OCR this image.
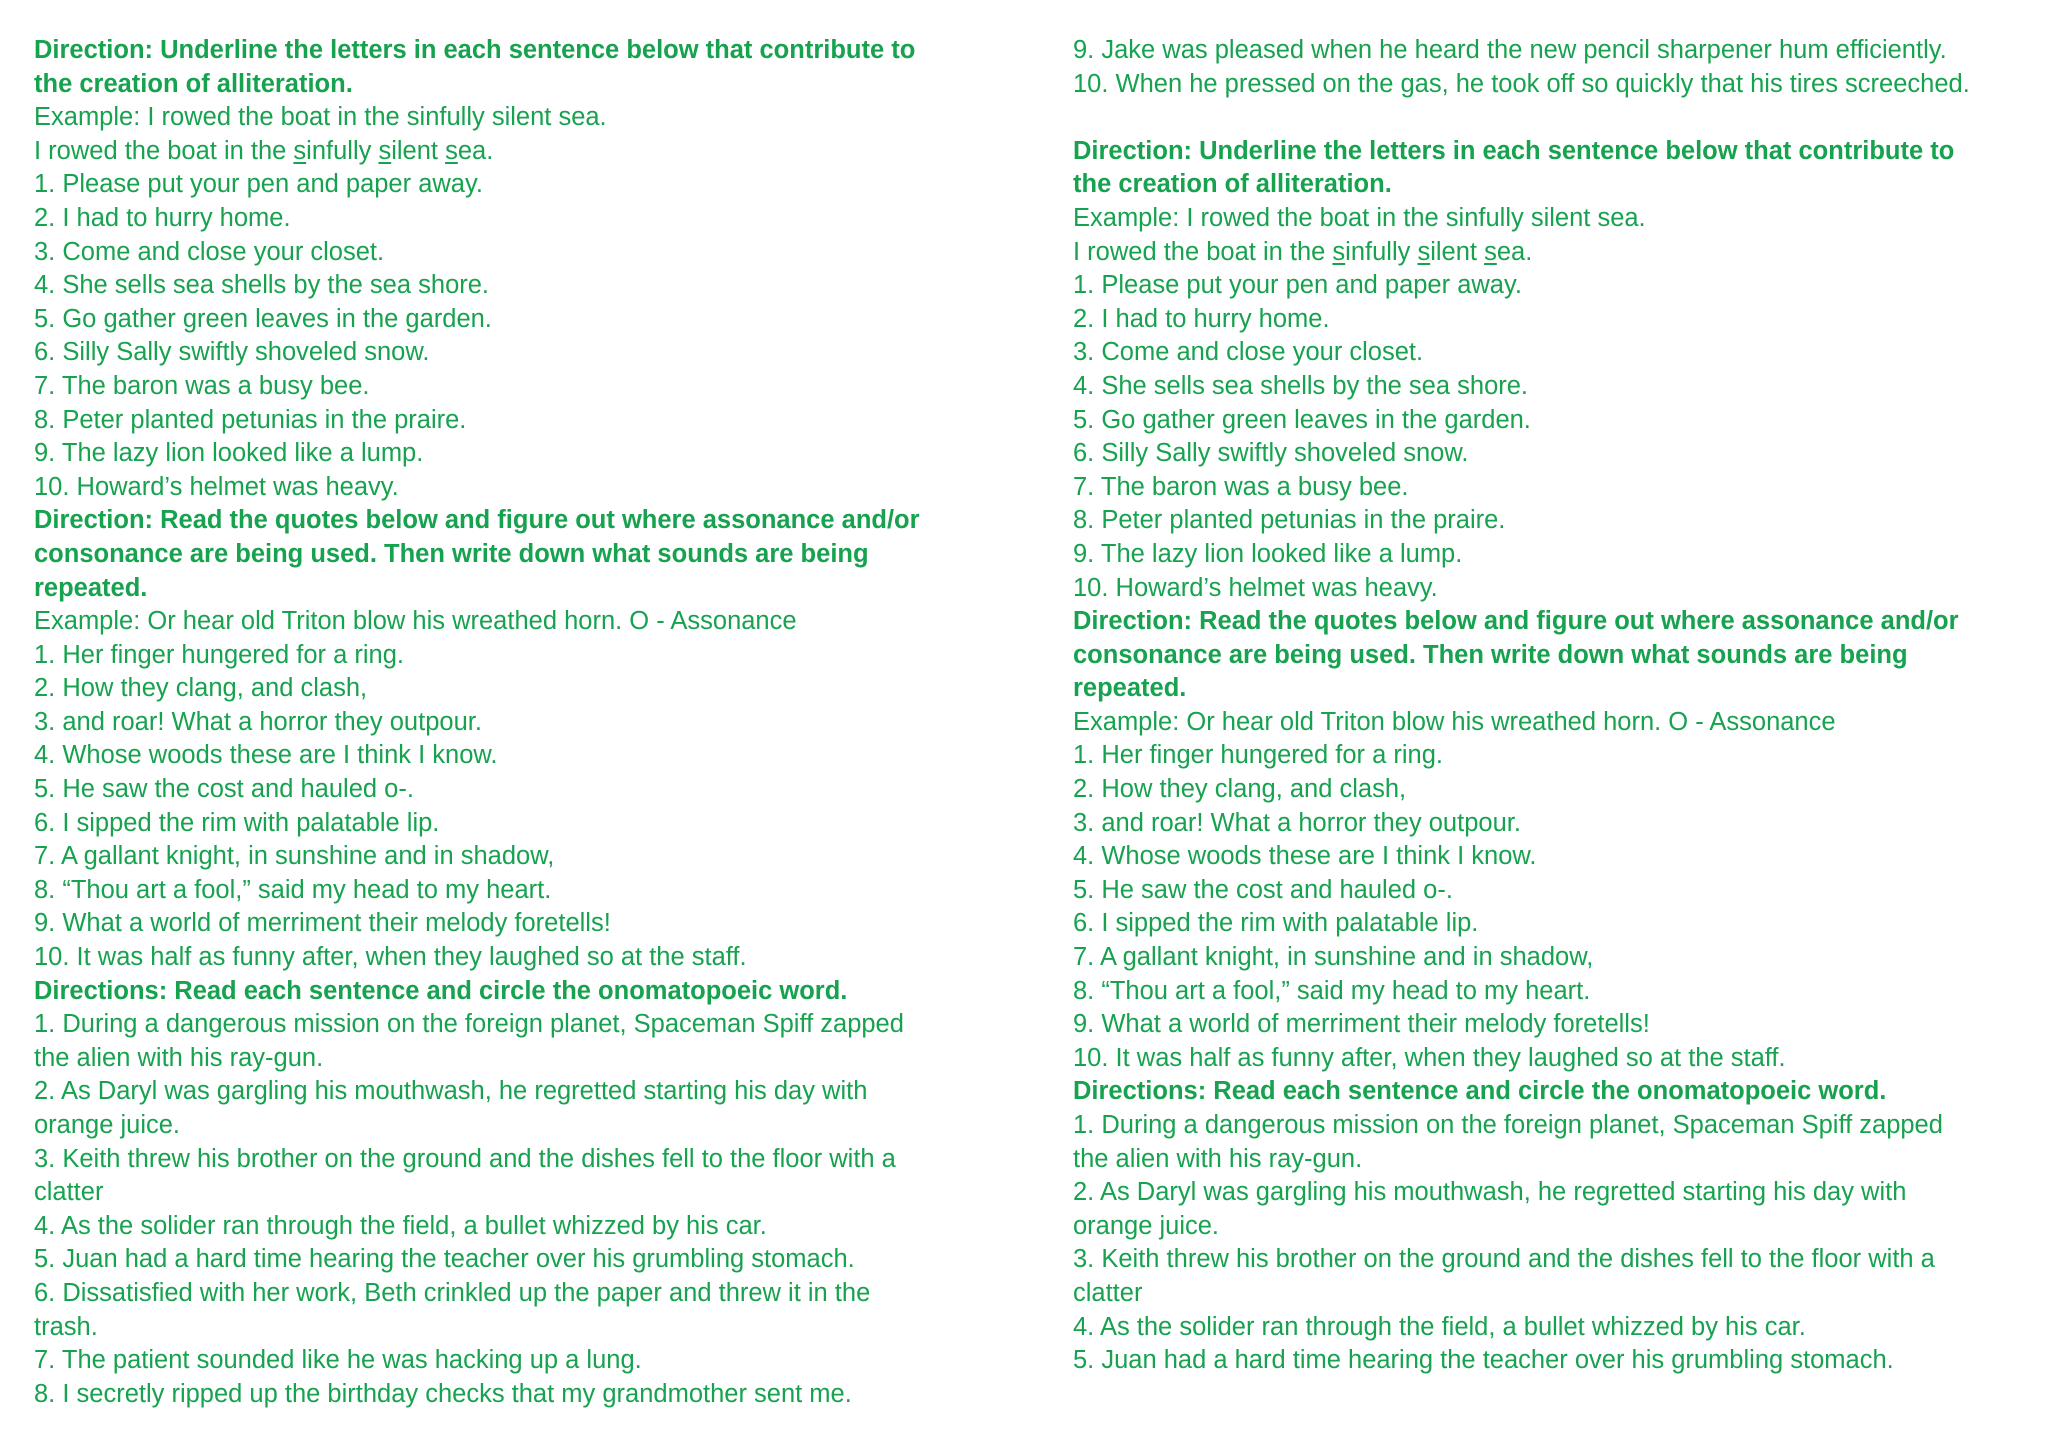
Direction: Underline the letters in each sentence below that contribute to
the creation of alliteration.
Example: I rowed the boat in the sinfully silent sea.
I rowed the boat in the sinfully silent sea.
1. Please put your pen and paper away.
2. I had to hurry home.
3. Come and close your closet.
4. She sells sea shells by the sea shore.
5. Go gather green leaves in the garden.
6. Silly Sally swiftly shoveled snow.
7. The baron was a busy bee.
8. Peter planted petunias in the praire.
9. The lazy lion looked like a lump.
10. Howard’s helmet was heavy.
Direction: Read the quotes below and figure out where assonance and/or
consonance are being used. Then write down what sounds are being
repeated.
Example: Or hear old Triton blow his wreathed horn. O - Assonance
1. Her finger hungered for a ring.
2. How they clang, and clash,
3. and roar! What a horror they outpour.
4. Whose woods these are I think I know.
5. He saw the cost and hauled o-.
6. I sipped the rim with palatable lip.
7. A gallant knight, in sunshine and in shadow,
8. “Thou art a fool,” said my head to my heart.
9. What a world of merriment their melody foretells!
10. It was half as funny after, when they laughed so at the staff.
Directions: Read each sentence and circle the onomatopoeic word.
1. During a dangerous mission on the foreign planet, Spaceman Spiff zapped
the alien with his ray-gun.
2. As Daryl was gargling his mouthwash, he regretted starting his day with
orange juice.
3. Keith threw his brother on the ground and the dishes fell to the floor with a
clatter
4. As the solider ran through the field, a bullet whizzed by his car.
5. Juan had a hard time hearing the teacher over his grumbling stomach.
6. Dissatisfied with her work, Beth crinkled up the paper and threw it in the
trash.
7. The patient sounded like he was hacking up a lung.
8. I secretly ripped up the birthday checks that my grandmother sent me.
9. Jake was pleased when he heard the new pencil sharpener hum efficiently.
10. When he pressed on the gas, he took off so quickly that his tires screeched.
Direction: Underline the letters in each sentence below that contribute to
the creation of alliteration.
Example: I rowed the boat in the sinfully silent sea.
I rowed the boat in the sinfully silent sea.
1. Please put your pen and paper away.
2. I had to hurry home.
3. Come and close your closet.
4. She sells sea shells by the sea shore.
5. Go gather green leaves in the garden.
6. Silly Sally swiftly shoveled snow.
7. The baron was a busy bee.
8. Peter planted petunias in the praire.
9. The lazy lion looked like a lump.
10. Howard’s helmet was heavy.
Direction: Read the quotes below and figure out where assonance and/or
consonance are being used. Then write down what sounds are being
repeated.
Example: Or hear old Triton blow his wreathed horn. O - Assonance
1. Her finger hungered for a ring.
2. How they clang, and clash,
3. and roar! What a horror they outpour.
4. Whose woods these are I think I know.
5. He saw the cost and hauled o-.
6. I sipped the rim with palatable lip.
7. A gallant knight, in sunshine and in shadow,
8. “Thou art a fool,” said my head to my heart.
9. What a world of merriment their melody foretells!
10. It was half as funny after, when they laughed so at the staff.
Directions: Read each sentence and circle the onomatopoeic word.
1. During a dangerous mission on the foreign planet, Spaceman Spiff zapped
the alien with his ray-gun.
2. As Daryl was gargling his mouthwash, he regretted starting his day with
orange juice.
3. Keith threw his brother on the ground and the dishes fell to the floor with a
clatter
4. As the solider ran through the field, a bullet whizzed by his car.
5. Juan had a hard time hearing the teacher over his grumbling stomach.
